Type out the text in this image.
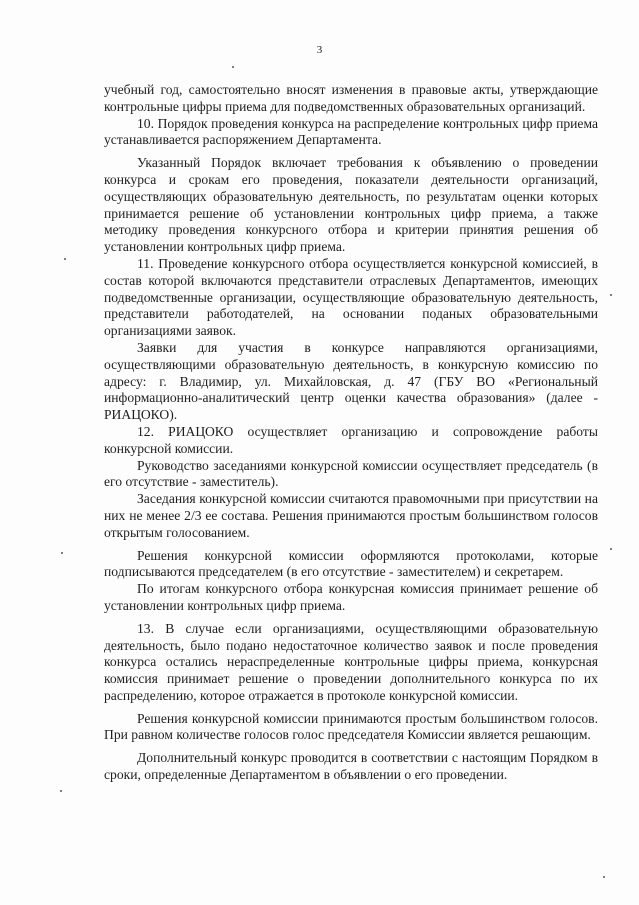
3

учебный год, самостоятельно вносят изменения в правовые акты, утверждающие контрольные цифры приема для подведомственных образовательных организаций.

10. Порядок проведения конкурса на распределение контрольных цифр приема устанавливается распоряжением Департамента.

Указанный Порядок включает требования к объявлению о проведении конкурса и срокам его проведения, показатели деятельности организаций, осуществляющих образовательную деятельность, по результатам оценки которых принимается решение об установлении контрольных цифр приема, а также методику проведения конкурсного отбора и критерии принятия решения об установлении контрольных цифр приема.

11. Проведение конкурсного отбора осуществляется конкурсной комиссией, в состав которой включаются представители отраслевых Департаментов, имеющих подведомственные организации, осуществляющие образовательную деятельность, представители работодателей, на основании поданых образовательными организациями заявок.

Заявки для участия в конкурсе направляются организациями, осуществляющими образовательную деятельность, в конкурсную комиссию по адресу: г. Владимир, ул. Михайловская, д. 47 (ГБУ ВО «Региональный информационно-аналитический центр оценки качества образования» (далее - РИАЦОКО).

12. РИАЦОКО осуществляет организацию и сопровождение работы конкурсной комиссии.

Руководство заседаниями конкурсной комиссии осуществляет председатель (в его отсутствие - заместитель).

Заседания конкурсной комиссии считаются правомочными при присутствии на них не менее 2/3 ее состава. Решения принимаются простым большинством голосов открытым голосованием.

Решения конкурсной комиссии оформляются протоколами, которые подписываются председателем (в его отсутствие - заместителем) и секретарем.

По итогам конкурсного отбора конкурсная комиссия принимает решение об установлении контрольных цифр приема.

13. В случае если организациями, осуществляющими образовательную деятельность, было подано недостаточное количество заявок и после проведения конкурса остались нераспределенные контрольные цифры приема, конкурсная комиссия принимает решение о проведении дополнительного конкурса по их распределению, которое отражается в протоколе конкурсной комиссии.

Решения конкурсной комиссии принимаются простым большинством голосов. При равном количестве голосов голос председателя Комиссии является решающим.

Дополнительный конкурс проводится в соответствии с настоящим Порядком в сроки, определенные Департаментом в объявлении о его проведении.
